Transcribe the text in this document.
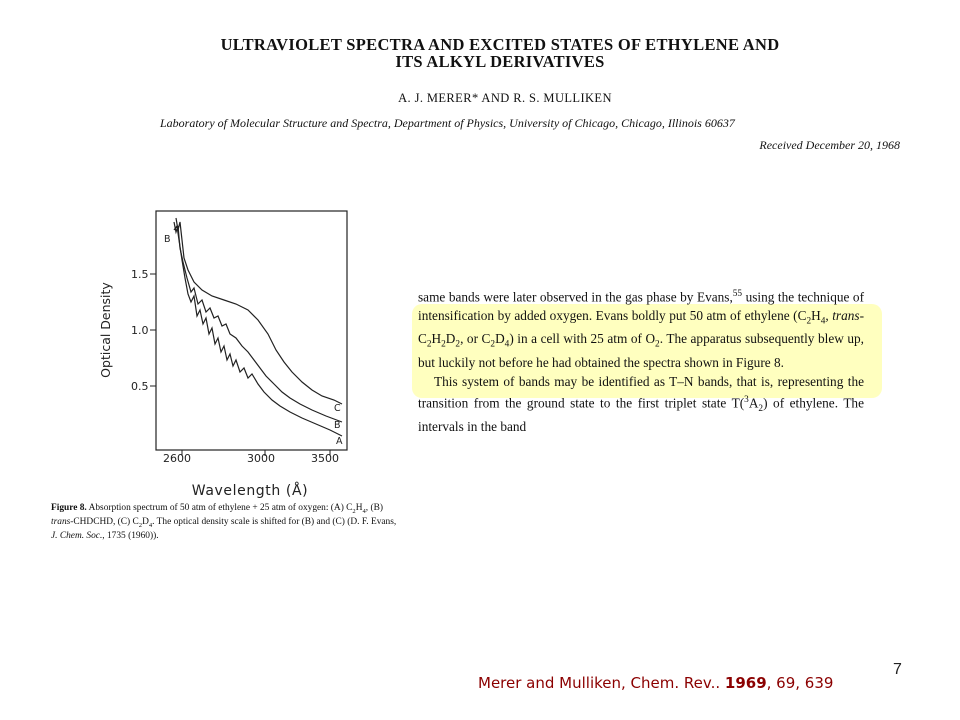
ULTRAVIOLET SPECTRA AND EXCITED STATES OF ETHYLENE AND
ITS ALKYL DERIVATIVES
A. J. MERER* AND R. S. MULLIKEN
Laboratory of Molecular Structure and Spectra, Department of Physics, University of Chicago, Chicago, Illinois 60637
Received December 20, 1968
1.5
1.0
0.5
2600	3000	3500
Optical Density
Wavelength (Å)
C
B
A
B
Figure 8. Absorption spectrum of 50 atm of ethylene + 25 atm of oxygen: (A) $C_2H_4$, (B) trans-CHDCHD, (C) $C_2D_4$. The optical density scale is shifted for (B) and (C) (D. F. Evans, J. Chem. Soc., 1735 (1960)).

same bands were later observed in the gas phase by Evans,$^{55}$ using the technique of intensification by added oxygen. Evans boldly put 50 atm of ethylene ($C_2H_4$, trans-$C_2H_2D_2$, or $C_2D_4$) in a cell with 25 atm of $O_2$. The apparatus subsequently blew up, but luckily not before he had obtained the spectra shown in Figure 8.

This system of bands may be identified as T–N bands, that is, representing the transition from the ground state to the first triplet state $T(^3A_2)$ of ethylene. The intervals in the band

7
Merer and Mulliken, Chem. Rev.. 1969, 69, 639
